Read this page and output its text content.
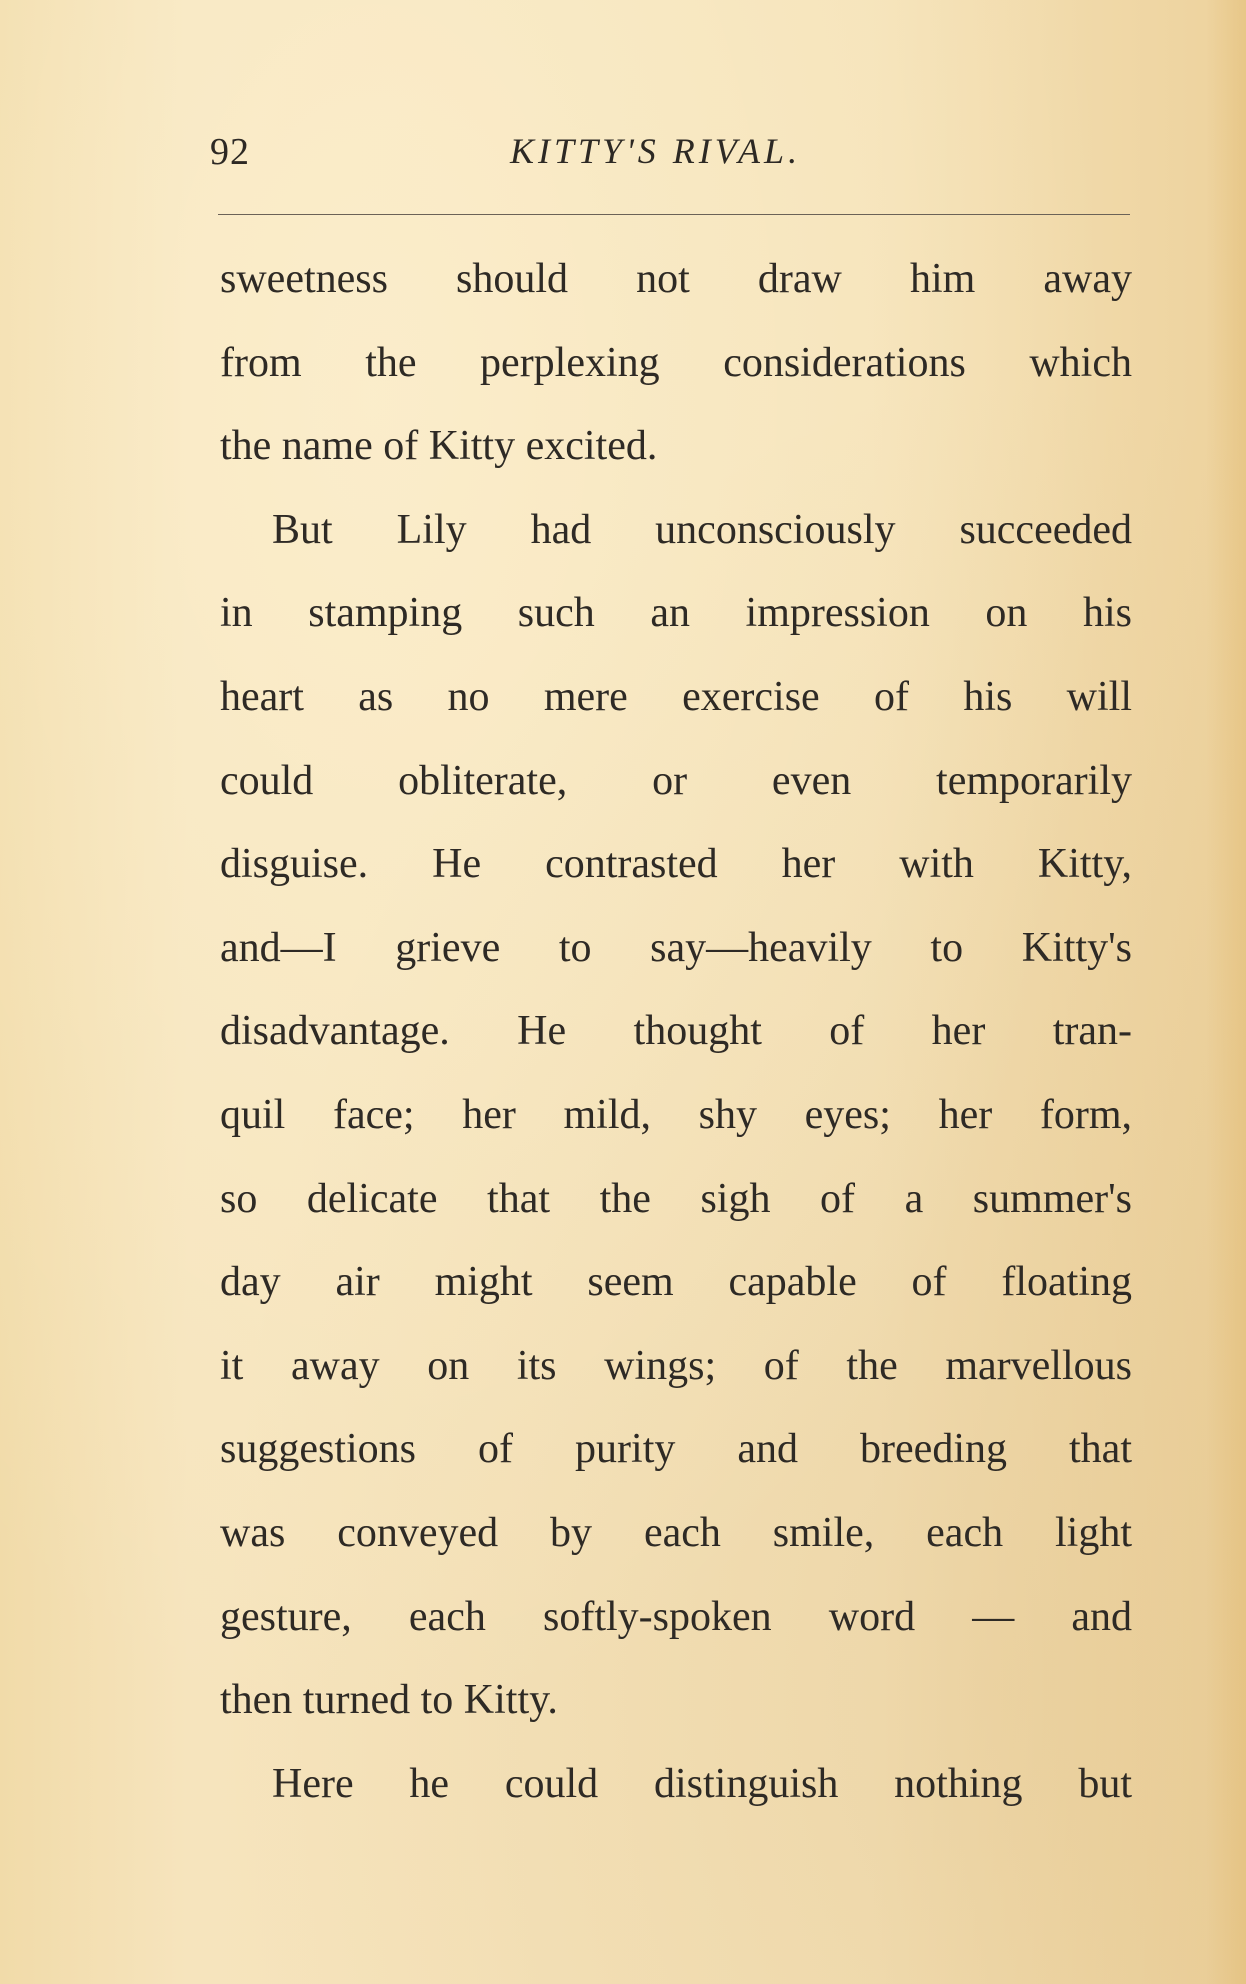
92	KITTY'S RIVAL.
sweetness should not draw him away
from the perplexing considerations which
the name of Kitty excited.
But Lily had unconsciously succeeded
in stamping such an impression on his
heart as no mere exercise of his will
could obliterate, or even temporarily
disguise. He contrasted her with Kitty,
and—I grieve to say—heavily to Kitty's
disadvantage. He thought of her tran-
quil face; her mild, shy eyes; her form,
so delicate that the sigh of a summer's
day air might seem capable of floating
it away on its wings; of the marvellous
suggestions of purity and breeding that
was conveyed by each smile, each light
gesture, each softly-spoken word — and
then turned to Kitty.
Here he could distinguish nothing but
